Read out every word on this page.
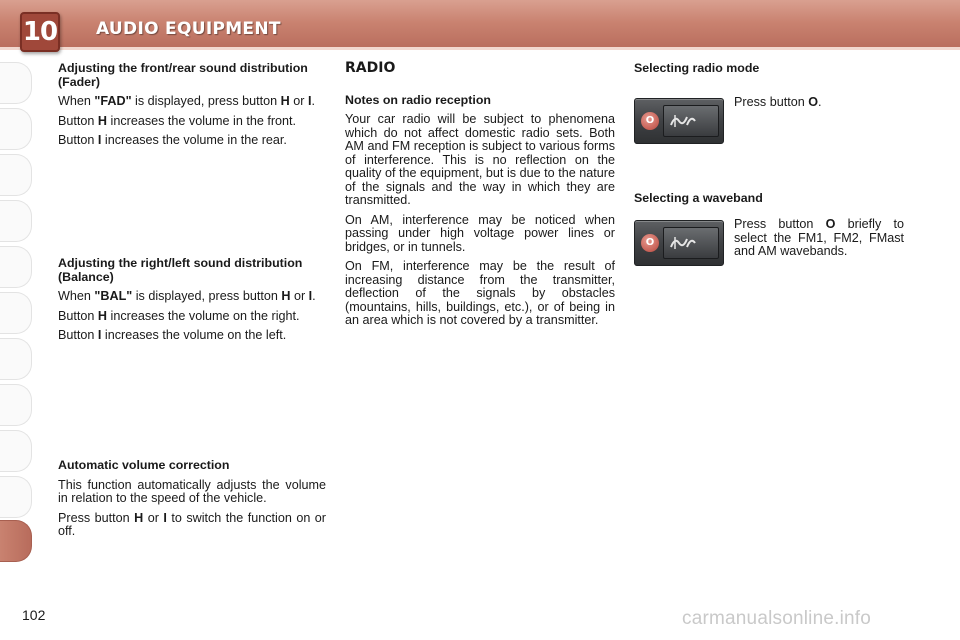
10 AUDIO EQUIPMENT
Adjusting the front/rear sound distribution (Fader)
When "FAD" is displayed, press button H or I.
Button H increases the volume in the front.
Button I increases the volume in the rear.
Adjusting the right/left sound distribution (Balance)
When "BAL" is displayed, press button H or I.
Button H increases the volume on the right.
Button I increases the volume on the left.
Automatic volume correction
This function automatically adjusts the volume in relation to the speed of the vehicle.
Press button H or I to switch the function on or off.
RADIO
Notes on radio reception
Your car radio will be subject to phenomena which do not affect domestic radio sets. Both AM and FM reception is subject to various forms of interference. This is no reflection on the quality of the equipment, but is due to the nature of the signals and the way in which they are transmitted.
On AM, interference may be noticed when passing under high voltage power lines or bridges, or in tunnels.
On FM, interference may be the result of increasing distance from the transmitter, deflection of the signals by obstacles (mountains, hills, buildings, etc.), or of being in an area which is not covered by a transmitter.
Selecting radio mode
O
Press button O.
Selecting a waveband
O
Press button O briefly to select the FM1, FM2, FMast and AM wavebands.
102	carmanualsonline.info
